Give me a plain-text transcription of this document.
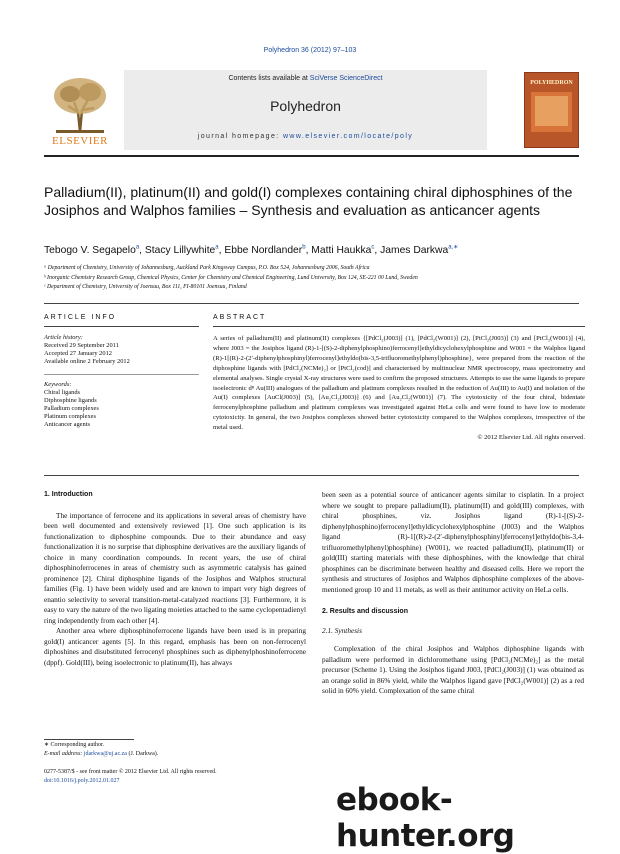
Polyhedron 36 (2012) 97–103
ELSEVIER
Contents lists available at SciVerse ScienceDirect
Polyhedron
journal homepage: www.elsevier.com/locate/poly
POLYHEDRON
Palladium(II), platinum(II) and gold(I) complexes containing chiral diphosphines of the Josiphos and Walphos families – Synthesis and evaluation as anticancer agents
Tebogo V. Segapelo$^a$, Stacy Lillywhite$^a$, Ebbe Nordlander$^b$, Matti Haukka$^c$, James Darkwa$^{a,∗}$
ᵃ Department of Chemistry, University of Johannesburg, Auckland Park Kingsway Campus, P.O. Box 524, Johannesburg 2006, South Africa
ᵇ Inorganic Chemistry Research Group, Chemical Physics, Center for Chemistry and Chemical Engineering, Lund University, Box 124, SE-221 00 Lund, Sweden
ᶜ Department of Chemistry, University of Joensuu, Box 111, FI-80101 Joensuu, Finland
ARTICLE INFO	ABSTRACT
Article history:
Received 29 September 2011
Accepted 27 January 2012
Available online 2 February 2012
Keywords:
Chiral ligands
Diphosphine ligands
Palladium complexes
Platinum complexes
Anticancer agents

A series of palladium(II) and platinum(II) complexes {[PdCl₂(J003)] (1), [PdCl₂(W001)] (2), [PtCl₂(J003)] (3) and [PtCl₂(W001)] (4), where J003 = the Josiphos ligand (R)-1-[(S)-2-diphenylphosphino)ferrocenyl]ethyldicyclohexylphosphine and W001 = the Walphos ligand (R)-1[(R)-2-(2′-diphenylphosphinyl)ferrocenyl]ethyldo(bis-3,5-trifluoromethylphenyl)phosphine}, were prepared from the reaction of the diphosphine ligands with [PdCl₂(NCMe)₂] or [PtCl₂(cod)] and characterised by multinuclear NMR spectroscopy, mass spectrometry and elemental analyses. Single crystal X-ray structures were used to confirm the proposed structures. Attempts to use the same ligands to prepare isoelectronic d⁸ Au(III) analogues of the palladium and platinum complexes resulted in the reduction of Au(III) to Au(I) and isolation of the Au(I) complexes [AuCl(J003)] (5), [Au₂Cl₂(J003)] (6) and [Au₂Cl₂(W001)] (7). The cytotoxicity of the four chiral, bidentate ferrocenylphosphine palladium and platinum complexes was investigated against HeLa cells and were found to have low to moderate cytotoxicity. In general, the two Josiphos complexes showed better cytotoxicity compared to the Walphos complexes, irrespective of the metal used.

© 2012 Elsevier Ltd. All rights reserved.

1. Introduction

The importance of ferrocene and its applications in several areas of chemistry have been well documented and extensively reviewed [1]. One such application is its functionalization to diphosphine compounds. Due to their abundance and easy functionalization it is no surprise that diphosphine derivatives are the auxiliary ligands of choice in many coordination compounds. In recent years, the use of chiral diphosphinoferrocenes in areas of chemistry such as asymmetric catalysis has gained prominence [2]. Chiral diphosphine ligands of the Josiphos and Walphos structural families (Fig. 1) have been widely used and are known to impart very high degrees of enantio selectivity to several transition-metal-catalyzed reactions [3]. Furthermore, it is easy to vary the nature of the two ligating moieties attached to the same cyclopentadienyl ring independently from each other [4].

Another area where diphosphinoferrocene ligands have been used is in preparing gold(I) anticancer agents [5]. In this regard, emphasis has been on non-ferrocenyl diphoshines and disubstituted ferrocenyl phosphines such as diphenylphoshinoferrocene (dppf). Gold(III), being isoelectronic to platinum(II), has always

been seen as a potential source of anticancer agents similar to cisplatin. In a project where we sought to prepare palladium(II), platinum(II) and gold(III) complexes, with chiral phosphines, viz. Josiphos ligand (R)-1-[(S)-2-diphenylphosphino)ferrocenyl]ethyldicyclohexylphosphine (J003) and the Walphos ligand (R)-1[(R)-2-(2′-diphenylphosphinyl)ferrocenyl]ethyldo(bis-3,4-trifluoromethylphenyl)phosphine) (W001), we reacted palladium(II), platinum(II) or gold(III) starting materials with these diphosphines, with the knowledge that chiral phosphines can be discriminate between healthy and diseased cells. Here we report the synthesis and structures of Josiphos and Walphos diphosphine complexes of the above-mentioned group 10 and 11 metals, as well as their antitumor activity on HeLa cells.

2. Results and discussion

2.1. Synthesis

Complexation of the chiral Josiphos and Walphos diphosphine ligands with palladium were performed in dichloromethane using [PdCl₂(NCMe)₂] as the metal precursor (Scheme 1). Using the Josiphos ligand J003, [PdCl₂(J003)] (1) was obtained as an orange solid in 86% yield, while the Walphos ligand gave [PdCl₂(W001)] (2) as a red solid in 60% yield. Complexation of the same chiral

∗ Corresponding author.
E-mail address: jdarkwa@uj.ac.za (J. Darkwa).
0277-5387/$ - see front matter © 2012 Elsevier Ltd. All rights reserved.
doi:10.1016/j.poly.2012.01.027
ebook-hunter.org
